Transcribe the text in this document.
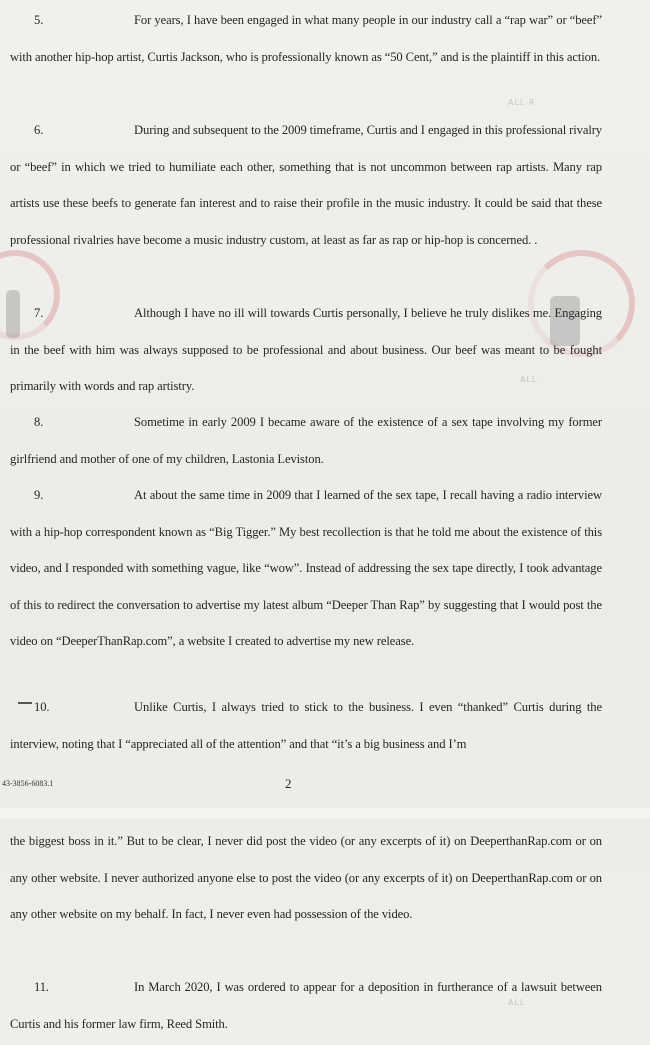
ALL R
ALL
ALL

5.	For years, I have been engaged in what many people in our industry call a “rap war” or “beef” with another hip-hop artist, Curtis Jackson, who is professionally known as “50 Cent,” and is the plaintiff in this action.

6.	During and subsequent to the 2009 timeframe, Curtis and I engaged in this professional rivalry or “beef” in which we tried to humiliate each other, something that is not uncommon between rap artists. Many rap artists use these beefs to generate fan interest and to raise their profile in the music industry. It could be said that these professional rivalries have become a music industry custom, at least as far as rap or hip-hop is concerned. .

7.	Although I have no ill will towards Curtis personally, I believe he truly dislikes me. Engaging in the beef with him was always supposed to be professional and about business. Our beef was meant to be fought primarily with words and rap artistry.

8.	Sometime in early 2009 I became aware of the existence of a sex tape involving my former girlfriend and mother of one of my children, Lastonia Leviston.

9.	At about the same time in 2009 that I learned of the sex tape, I recall having a radio interview with a hip-hop correspondent known as “Big Tigger.” My best recollection is that he told me about the existence of this video, and I responded with something vague, like “wow”. Instead of addressing the sex tape directly, I took advantage of this to redirect the conversation to advertise my latest album “Deeper Than Rap” by suggesting that I would post the video on “DeeperThanRap.com”, a website I created to advertise my new release.

10.	Unlike Curtis, I always tried to stick to the business. I even “thanked” Curtis during the interview, noting that I “appreciated all of the attention” and that “it’s a big business and I’m

43-3856-6083.1	2

the biggest boss in it.” But to be clear, I never did post the video (or any excerpts of it) on DeeperthanRap.com or on any other website. I never authorized anyone else to post the video (or any excerpts of it) on DeeperthanRap.com or on any other website on my behalf. In fact, I never even had possession of the video.

11.	In March 2020, I was ordered to appear for a deposition in furtherance of a lawsuit between Curtis and his former law firm, Reed Smith.
